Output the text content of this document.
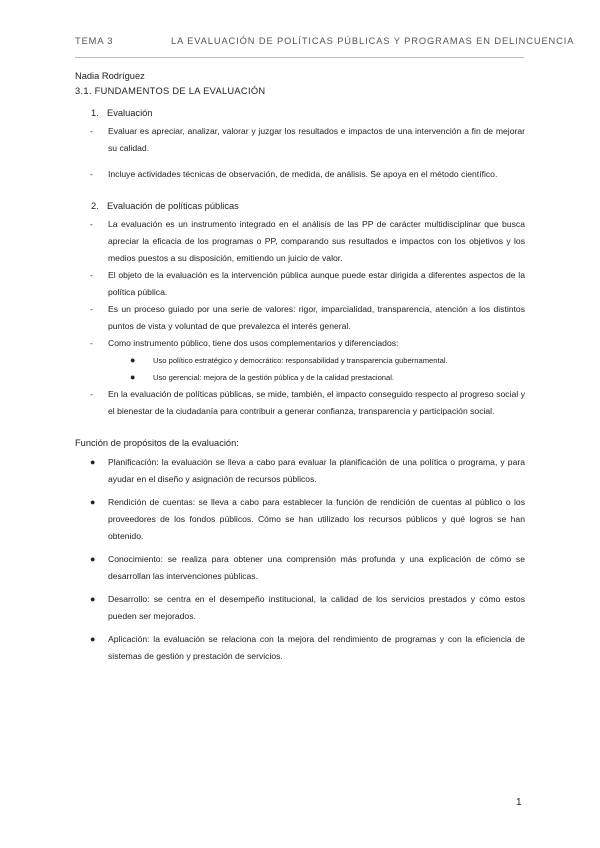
TEMA 3	LA EVALUACIÓN DE POLÍTICAS PÚBLICAS Y PROGRAMAS EN DELINCUENCIA

Nadia Rodríguez

3.1. FUNDAMENTOS DE LA EVALUACIÓN

1. Evaluación

- Evaluar es apreciar, analizar, valorar y juzgar los resultados e impactos de una intervención a fin de mejorar su calidad.

- Incluye actividades técnicas de observación, de medida, de análisis. Se apoya en el método científico.

2. Evaluación de políticas públicas

- La evaluación es un instrumento integrado en el análisis de las PP de carácter multidisciplinar que busca apreciar la eficacia de los programas o PP, comparando sus resultados e impactos con los objetivos y los medios puestos a su disposición, emitiendo un juicio de valor.

- El objeto de la evaluación es la intervención pública aunque puede estar dirigida a diferentes aspectos de la política pública.

- Es un proceso guiado por una serie de valores: rigor, imparcialidad, transparencia, atención a los distintos puntos de vista y voluntad de que prevalezca el interés general.

- Como instrumento público, tiene dos usos complementarios y diferenciados:

● Uso político estratégico y democrático: responsabilidad y transparencia gubernamental.

● Uso gerencial: mejora de la gestión pública y de la calidad prestacional.

- En la evaluación de políticas públicas, se mide, también, el impacto conseguido respecto al progreso social y el bienestar de la ciudadanía para contribuir a generar confianza, transparencia y participación social.

Función de propósitos de la evaluación:

● Planificación: la evaluación se lleva a cabo para evaluar la planificación de una política o programa, y para ayudar en el diseño y asignación de recursos públicos.

● Rendición de cuentas: se lleva a cabo para establecer la función de rendición de cuentas al público o los proveedores de los fondos públicos. Cómo se han utilizado los recursos públicos y qué logros se han obtenido.

● Conocimiento: se realiza para obtener una comprensión más profunda y una explicación de cómo se desarrollan las intervenciones públicas.

● Desarrollo: se centra en el desempeño institucional, la calidad de los servicios prestados y cómo estos pueden ser mejorados.

● Aplicación: la evaluación se relaciona con la mejora del rendimiento de programas y con la eficiencia de sistemas de gestión y prestación de servicios.

1
